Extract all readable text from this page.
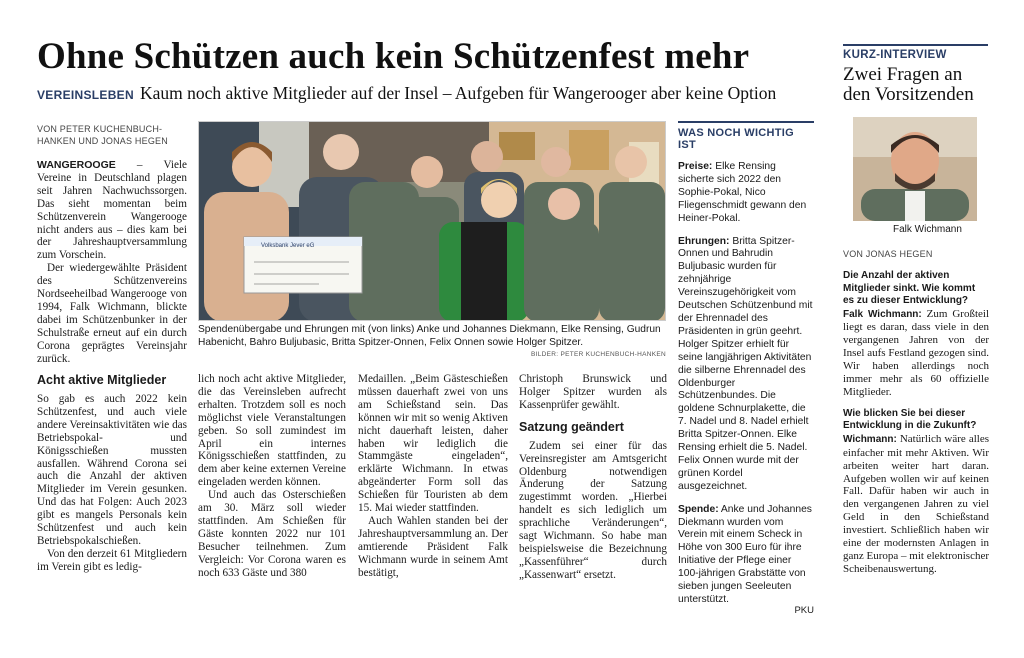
Ohne Schützen auch kein Schützenfest mehr
VEREINSLEBEN Kaum noch aktive Mitglieder auf der Insel – Aufgeben für Wangerooger aber keine Option
VON PETER KUCHENBUCH-HANKEN UND JONAS HEGEN

WANGEROOGE – Viele Vereine in Deutschland plagen seit Jahren Nachwuchssorgen. Das sieht momentan beim Schützenverein Wangerooge nicht anders aus – dies kam bei der Jahreshauptversammlung zum Vorschein.

Der wiedergewählte Präsident des Schützenvereins Nordseeheilbad Wangerooge von 1994, Falk Wichmann, blickte dabei im Schützenbunker in der Schulstraße erneut auf ein durch Corona geprägtes Vereinsjahr zurück.

Acht aktive Mitglieder

So gab es auch 2022 kein Schützenfest, und auch viele andere Vereinsaktivitäten wie das Betriebspokal- und Königsschießen mussten ausfallen. Während Corona sei auch die Anzahl der aktiven Mitglieder im Verein gesunken. Und das hat Folgen: Auch 2023 gibt es mangels Personals kein Schützenfest und auch kein Betriebspokalschießen.

Von den derzeit 61 Mitgliedern im Verein gibt es ledig-

Volksbank Jever eG
Spendenübergabe und Ehrungen mit (von links) Anke und Johannes Diekmann, Elke Rensing, Gudrun Habenicht, Bahro Buljubasic, Britta Spitzer-Onnen, Felix Onnen sowie Holger Spitzer.
BILDER: PETER KUCHENBUCH-HANKEN

lich noch acht aktive Mitglieder, die das Vereinsleben aufrecht erhalten. Trotzdem soll es noch möglichst viele Veranstaltungen geben. So soll zumindest im April ein internes Königsschießen stattfinden, zu dem aber keine externen Vereine eingeladen werden können.

Und auch das Osterschießen am 30. März soll wieder stattfinden. Am Schießen für Gäste konnten 2022 nur 101 Besucher teilnehmen. Zum Vergleich: Vor Corona waren es noch 633 Gäste und 380

Medaillen. „Beim Gästeschießen müssen dauerhaft zwei von uns am Schießstand sein. Das können wir mit so wenig Aktiven nicht dauerhaft leisten, daher haben wir lediglich die Stammgäste eingeladen“, erklärte Wichmann. In etwas abgeänderter Form soll das Schießen für Touristen ab dem 15. Mai wieder stattfinden.

Auch Wahlen standen bei der Jahreshauptversammlung an. Der amtierende Präsident Falk Wichmann wurde in seinem Amt bestätigt,

Christoph Brunswick und Holger Spitzer wurden als Kassenprüfer gewählt.

Satzung geändert

Zudem sei einer für das Vereinsregister am Amtsgericht Oldenburg notwendigen Änderung der Satzung zugestimmt worden. „Hierbei handelt es sich lediglich um sprachliche Veränderungen“, sagt Wichmann. So habe man beispielsweise die Bezeichnung „Kassenführer“ durch „Kassenwart“ ersetzt.

WAS NOCH WICHTIG IST

Preise: Elke Rensing sicherte sich 2022 den Sophie-Pokal, Nico Fliegenschmidt gewann den Heiner-Pokal.

Ehrungen: Britta Spitzer-Onnen und Bahrudin Buljubasic wurden für zehnjährige Vereinszugehörigkeit vom Deutschen Schützenbund mit der Ehrennadel des Präsidenten in grün geehrt. Holger Spitzer erhielt für seine langjährigen Aktivitäten die silberne Ehrennadel des Oldenburger Schützenbundes. Die goldene Schnurplakette, die 7. Nadel und 8. Nadel erhielt Britta Spitzer-Onnen. Elke Rensing erhielt die 5. Nadel. Felix Onnen wurde mit der grünen Kordel ausgezeichnet.

Spende: Anke und Johannes Diekmann wurden vom Verein mit einem Scheck in Höhe von 300 Euro für ihre Initiative der Pflege einer 100-jährigen Grabstätte von sieben jungen Seeleuten unterstützt.

PKU
KURZ-INTERVIEW
Zwei Fragen an den Vorsitzenden
Falk Wichmann
VON JONAS HEGEN
Die Anzahl der aktiven Mitglieder sinkt. Wie kommt es zu dieser Entwicklung?
Falk Wichmann: Zum Großteil liegt es daran, dass viele in den vergangenen Jahren von der Insel aufs Festland gezogen sind. Wir haben allerdings noch immer mehr als 60 offizielle Mitglieder.
Wie blicken Sie bei dieser Entwicklung in die Zukunft?
Wichmann: Natürlich wäre alles einfacher mit mehr Aktiven. Wir arbeiten weiter hart daran. Aufgeben wollen wir auf keinen Fall. Dafür haben wir auch in den vergangenen Jahren zu viel Geld in den Schießstand investiert. Schließlich haben wir eine der modernsten Anlagen in ganz Europa – mit elektronischer Scheibenauswertung.
